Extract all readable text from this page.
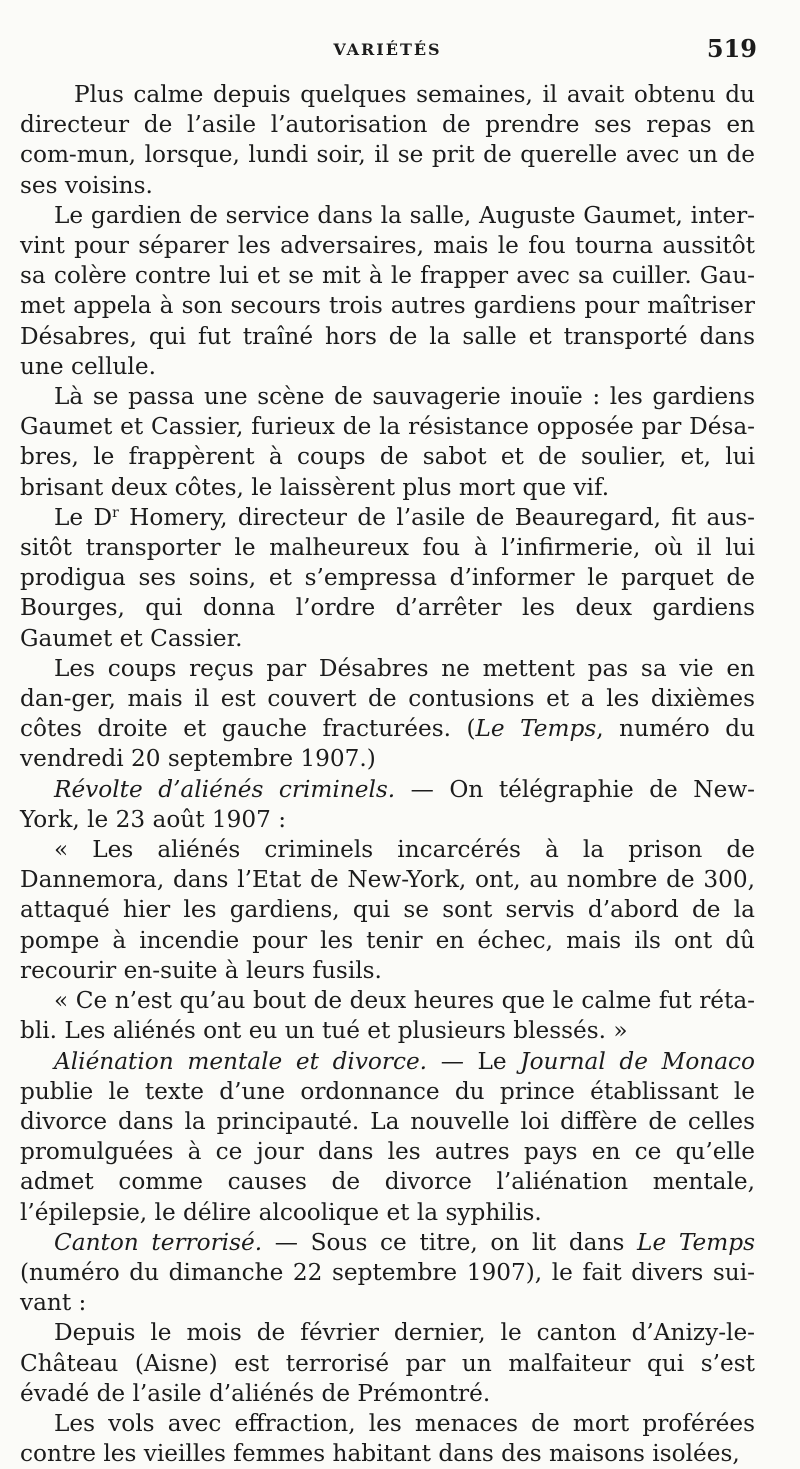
VARIÉTÉS	519

Plus calme depuis quelques semaines, il avait obtenu du directeur de l’asile l’autorisation de prendre ses repas en com-mun, lorsque, lundi soir, il se prit de querelle avec un de ses voisins.

Le gardien de service dans la salle, Auguste Gaumet, inter-vint pour séparer les adversaires, mais le fou tourna aussitôt sa colère contre lui et se mit à le frapper avec sa cuiller. Gau-met appela à son secours trois autres gardiens pour maîtriser Désabres, qui fut traîné hors de la salle et transporté dans une cellule.

Là se passa une scène de sauvagerie inouïe : les gardiens Gaumet et Cassier, furieux de la résistance opposée par Désa-bres, le frappèrent à coups de sabot et de soulier, et, lui brisant deux côtes, le laissèrent plus mort que vif.

Le $D^r$ Homery, directeur de l’asile de Beauregard, fit aus-sitôt transporter le malheureux fou à l’infirmerie, où il lui prodigua ses soins, et s’empressa d’informer le parquet de Bourges, qui donna l’ordre d’arrêter les deux gardiens Gaumet et Cassier.

Les coups reçus par Désabres ne mettent pas sa vie en dan-ger, mais il est couvert de contusions et a les dixièmes côtes droite et gauche fracturées. (Le Temps, numéro du vendredi 20 septembre 1907.)

Révolte d’aliénés criminels. — On télégraphie de New-York, le 23 août 1907 :

« Les aliénés criminels incarcérés à la prison de Dannemora, dans l’Etat de New-York, ont, au nombre de 300, attaqué hier les gardiens, qui se sont servis d’abord de la pompe à incendie pour les tenir en échec, mais ils ont dû recourir en-suite à leurs fusils.

« Ce n’est qu’au bout de deux heures que le calme fut réta-bli. Les aliénés ont eu un tué et plusieurs blessés. »

Aliénation mentale et divorce. — Le Journal de Monaco publie le texte d’une ordonnance du prince établissant le divorce dans la principauté. La nouvelle loi diffère de celles promulguées à ce jour dans les autres pays en ce qu’elle admet comme causes de divorce l’aliénation mentale, l’épilepsie, le délire alcoolique et la syphilis.

Canton terrorisé. — Sous ce titre, on lit dans Le Temps (numéro du dimanche 22 septembre 1907), le fait divers sui-vant :

Depuis le mois de février dernier, le canton d’Anizy-le-Château (Aisne) est terrorisé par un malfaiteur qui s’est évadé de l’asile d’aliénés de Prémontré.

Les vols avec effraction, les menaces de mort proférées contre les vieilles femmes habitant dans des maisons isolées,
